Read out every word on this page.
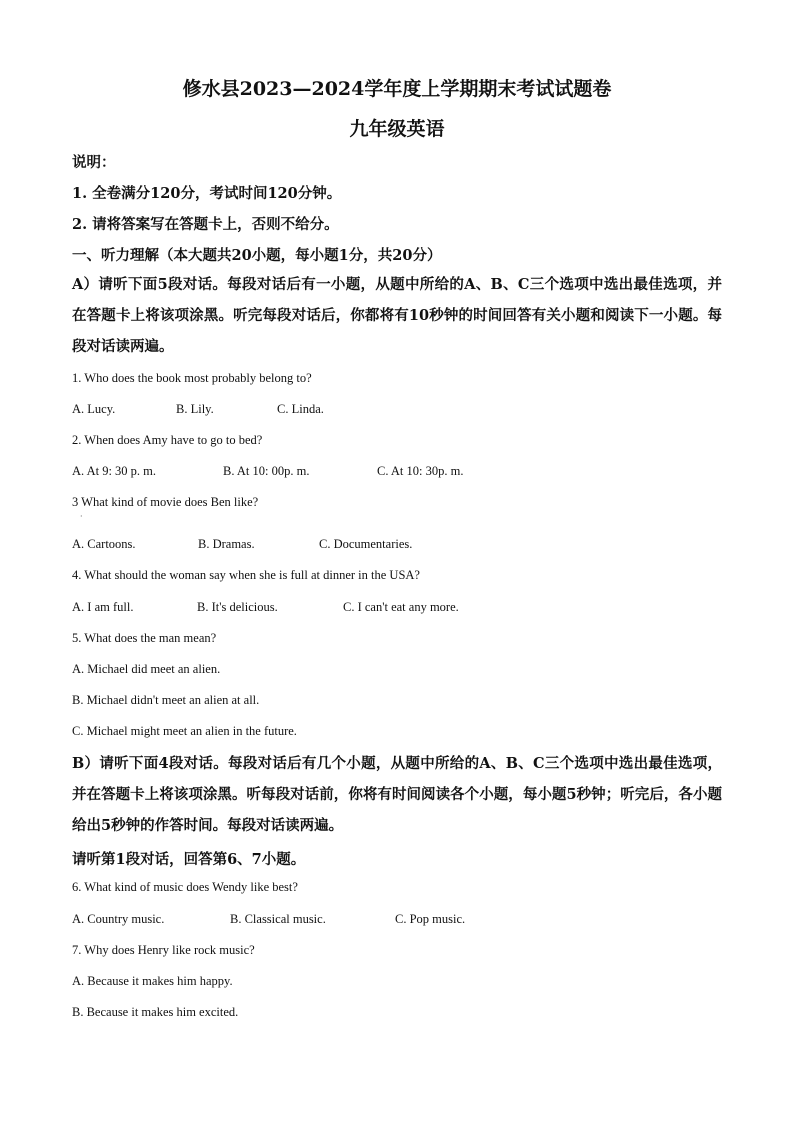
修水县2023—2024学年度上学期期末考试试题卷
九年级英语
说明：
1. 全卷满分120分，考试时间120分钟。
2. 请将答案写在答题卡上，否则不给分。
一、听力理解（本大题共20小题，每小题1分，共20分）
A）请听下面5段对话。每段对话后有一小题，从题中所给的A、B、C三个选项中选出最佳选项，并在答题卡上将该项涂黑。听完每段对话后，你都将有10秒钟的时间回答有关小题和阅读下一小题。每段对话读两遍。
1. Who does the book most probably belong to?
A. Lucy.	B. Lily.	C. Linda.
2. When does Amy have to go to bed?
A. At 9: 30 p. m.	B. At 10: 00p. m.	C. At 10: 30p. m.
3 What kind of movie does Ben like?
·
A. Cartoons.	B. Dramas.	C. Documentaries.
4. What should the woman say when she is full at dinner in the USA?
A. I am full.	B. It's delicious.	C. I can't eat any more.
5. What does the man mean?
A. Michael did meet an alien.
B. Michael didn't meet an alien at all.
C. Michael might meet an alien in the future.
B）请听下面4段对话。每段对话后有几个小题，从题中所给的A、B、C三个选项中选出最佳选项，并在答题卡上将该项涂黑。听每段对话前，你将有时间阅读各个小题，每小题5秒钟；听完后，各小题给出5秒钟的作答时间。每段对话读两遍。
请听第1段对话，回答第6、7小题。
6. What kind of music does Wendy like best?
A. Country music.	B. Classical music.	C. Pop music.
7. Why does Henry like rock music?
A. Because it makes him happy.
B. Because it makes him excited.
